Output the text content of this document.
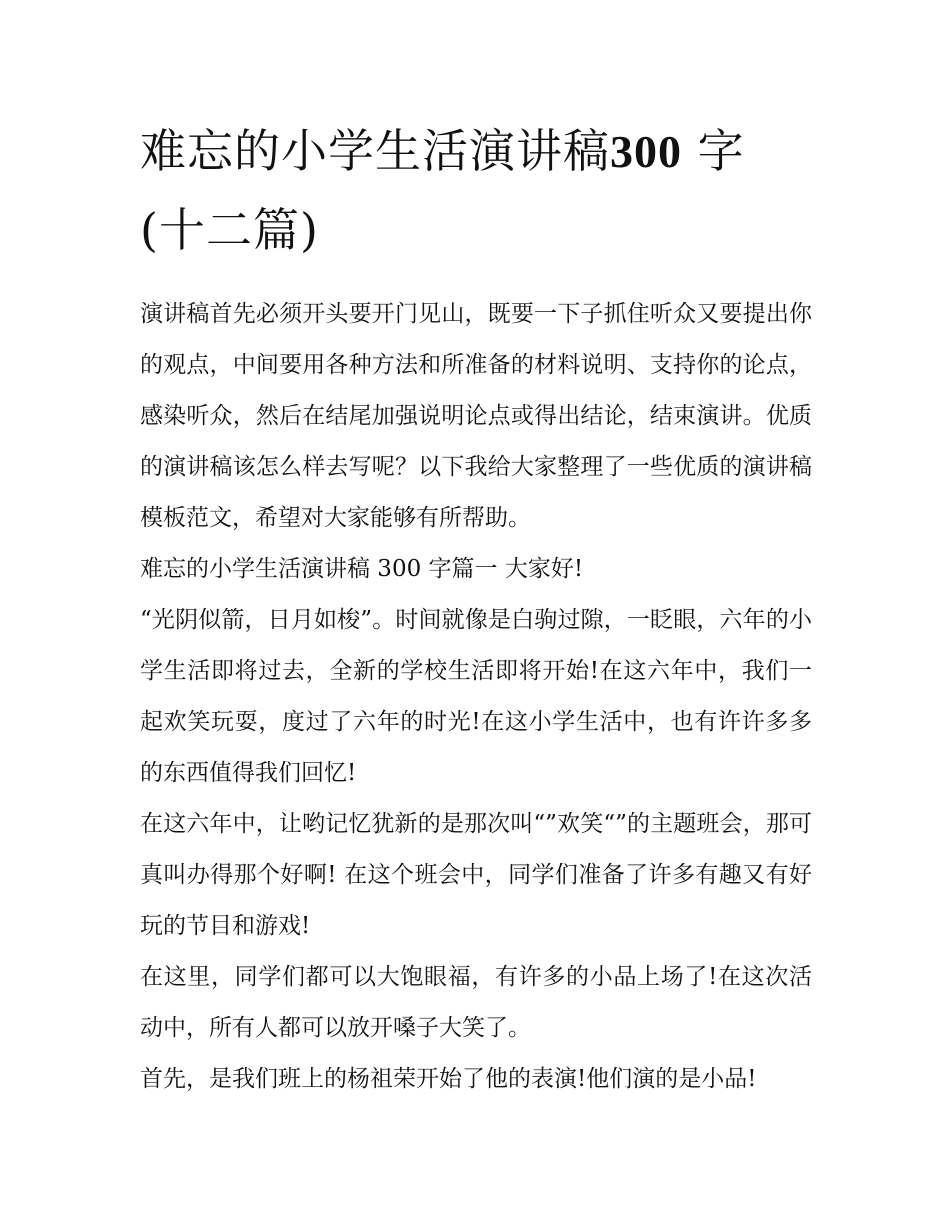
难忘的小学生活演讲稿300 字
(十二篇)

演讲稿首先必须开头要开门见山，既要一下子抓住听众又要提出你的观点，中间要用各种方法和所准备的材料说明、支持你的论点，感染听众，然后在结尾加强说明论点或得出结论，结束演讲。优质的演讲稿该怎么样去写呢？以下我给大家整理了一些优质的演讲稿模板范文，希望对大家能够有所帮助。

难忘的小学生活演讲稿 300 字篇一 大家好!

“光阴似箭，日月如梭”。时间就像是白驹过隙，一眨眼，六年的小学生活即将过去，全新的学校生活即将开始!在这六年中，我们一起欢笑玩耍，度过了六年的时光!在这小学生活中，也有许许多多的东西值得我们回忆!

在这六年中，让哟记忆犹新的是那次叫“”欢笑“”的主题班会，那可真叫办得那个好啊! 在这个班会中，同学们准备了许多有趣又有好玩的节目和游戏!

在这里，同学们都可以大饱眼福，有许多的小品上场了!在这次活动中，所有人都可以放开嗓子大笑了。

首先，是我们班上的杨祖荣开始了他的表演!他们演的是小品!
